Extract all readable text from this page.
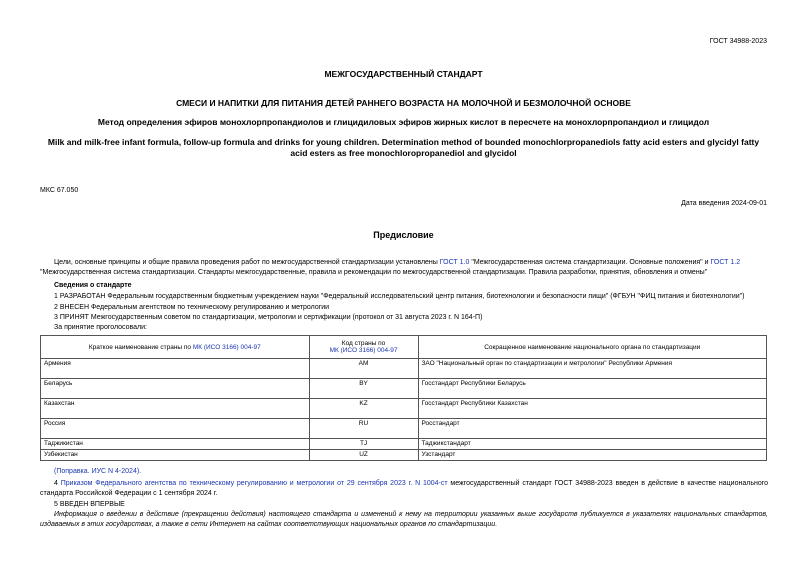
ГОСТ 34988-2023
МЕЖГОСУДАРСТВЕННЫЙ СТАНДАРТ
СМЕСИ И НАПИТКИ ДЛЯ ПИТАНИЯ ДЕТЕЙ РАННЕГО ВОЗРАСТА НА МОЛОЧНОЙ И БЕЗМОЛОЧНОЙ ОСНОВЕ
Метод определения эфиров монохлорпропандиолов и глицидиловых эфиров жирных кислот в пересчете на монохлорпропандиол и глицидол
Milk and milk-free infant formula, follow-up formula and drinks for young children. Determination method of bounded monochlorpropanediols fatty acid esters and glycidyl fatty acid esters as free monochloropropanediol and glycidol
МКС 67.050
Дата введения 2024-09-01
Предисловие
Цели, основные принципы и общие правила проведения работ по межгосударственной стандартизации установлены ГОСТ 1.0 "Межгосударственная система стандартизации. Основные положения" и ГОСТ 1.2 "Межгосударственная система стандартизации. Стандарты межгосударственные, правила и рекомендации по межгосударственной стандартизации. Правила разработки, принятия, обновления и отмены"
Сведения о стандарте
1 РАЗРАБОТАН Федеральным государственным бюджетным учреждением науки "Федеральный исследовательский центр питания, биотехнологии и безопасности пищи" (ФГБУН "ФИЦ питания и биотехнологии")
2 ВНЕСЕН Федеральным агентством по техническому регулированию и метрологии
3 ПРИНЯТ Межгосударственным советом по стандартизации, метрологии и сертификации (протокол от 31 августа 2023 г. N 164-П)
За принятие проголосовали:
Краткое наименование страны по МК (ИСО 3166) 004-97	Код страны по
МК (ИСО 3166) 004-97	Сокращенное наименование национального органа по стандартизации
Армения	AM	ЗАО "Национальный орган по стандартизации и метрологии" Республики Армения
Беларусь	BY	Госстандарт Республики Беларусь
Казахстан	KZ	Госстандарт Республики Казахстан
Россия	RU	Росстандарт
Таджикистан	TJ	Таджикстандарт
Узбекистан	UZ	Узстандарт
(Поправка. ИУС N 4-2024).
4 Приказом Федерального агентства по техническому регулированию и метрологии от 29 сентября 2023 г. N 1004-ст межгосударственный стандарт ГОСТ 34988-2023 введен в действие в качестве национального стандарта Российской Федерации с 1 сентября 2024 г.
5 ВВЕДЕН ВПЕРВЫЕ
Информация о введении в действие (прекращении действия) настоящего стандарта и изменений к нему на территории указанных выше государств публикуется в указателях национальных стандартов, издаваемых в этих государствах, а также в сети Интернет на сайтах соответствующих национальных органов по стандартизации.
